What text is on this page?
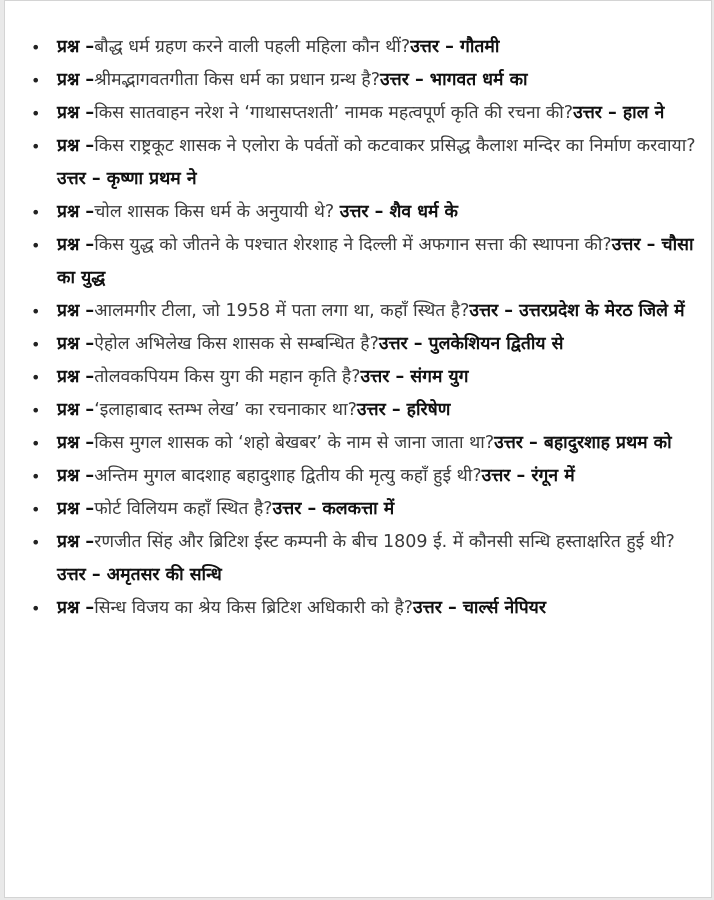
• प्रश्न –बौद्ध धर्म ग्रहण करने वाली पहली महिला कौन थीं?उत्तर – गौतमी
• प्रश्न –श्रीमद्भागवतगीता किस धर्म का प्रधान ग्रन्थ है?उत्तर – भागवत धर्म का
• प्रश्न –किस सातवाहन नरेश ने ‘गाथासप्तशती’ नामक महत्वपूर्ण कृति की रचना की?उत्तर – हाल ने
• प्रश्न –किस राष्ट्रकूट शासक ने एलोरा के पर्वतों को कटवाकर प्रसिद्ध कैलाश मन्दिर का निर्माण करवाया?उत्तर – कृष्णा प्रथम ने
• प्रश्न –चोल शासक किस धर्म के अनुयायी थे? उत्तर – शैव धर्म के
• प्रश्न –किस युद्ध को जीतने के पश्चात शेरशाह ने दिल्ली में अफगान सत्ता की स्थापना की?उत्तर – चौसा का युद्ध
• प्रश्न –आलमगीर टीला, जो 1958 में पता लगा था, कहाँ स्थित है?उत्तर – उत्तरप्रदेश के मेरठ जिले में
• प्रश्न –ऐहोल अभिलेख किस शासक से सम्बन्धित है?उत्तर – पुलकेशियन द्वितीय से
• प्रश्न –तोलवकपियम किस युग की महान कृति है?उत्तर – संगम युग
• प्रश्न –‘इलाहाबाद स्तम्भ लेख’ का रचनाकार था?उत्तर – हरिषेण
• प्रश्न –किस मुगल शासक को ‘शहो बेखबर’ के नाम से जाना जाता था?उत्तर – बहादुरशाह प्रथम को
• प्रश्न –अन्तिम मुगल बादशाह बहादुशाह द्वितीय की मृत्यु कहाँ हुई थी?उत्तर – रंगून में
• प्रश्न –फोर्ट विलियम कहाँ स्थित है?उत्तर – कलकत्ता में
• प्रश्न –रणजीत सिंह और ब्रिटिश ईस्ट कम्पनी के बीच 1809 ई. में कौनसी सन्धि हस्ताक्षरित हुई थी?उत्तर – अमृतसर की सन्धि
• प्रश्न –सिन्ध विजय का श्रेय किस ब्रिटिश अधिकारी को है?उत्तर – चार्ल्स नेपियर
